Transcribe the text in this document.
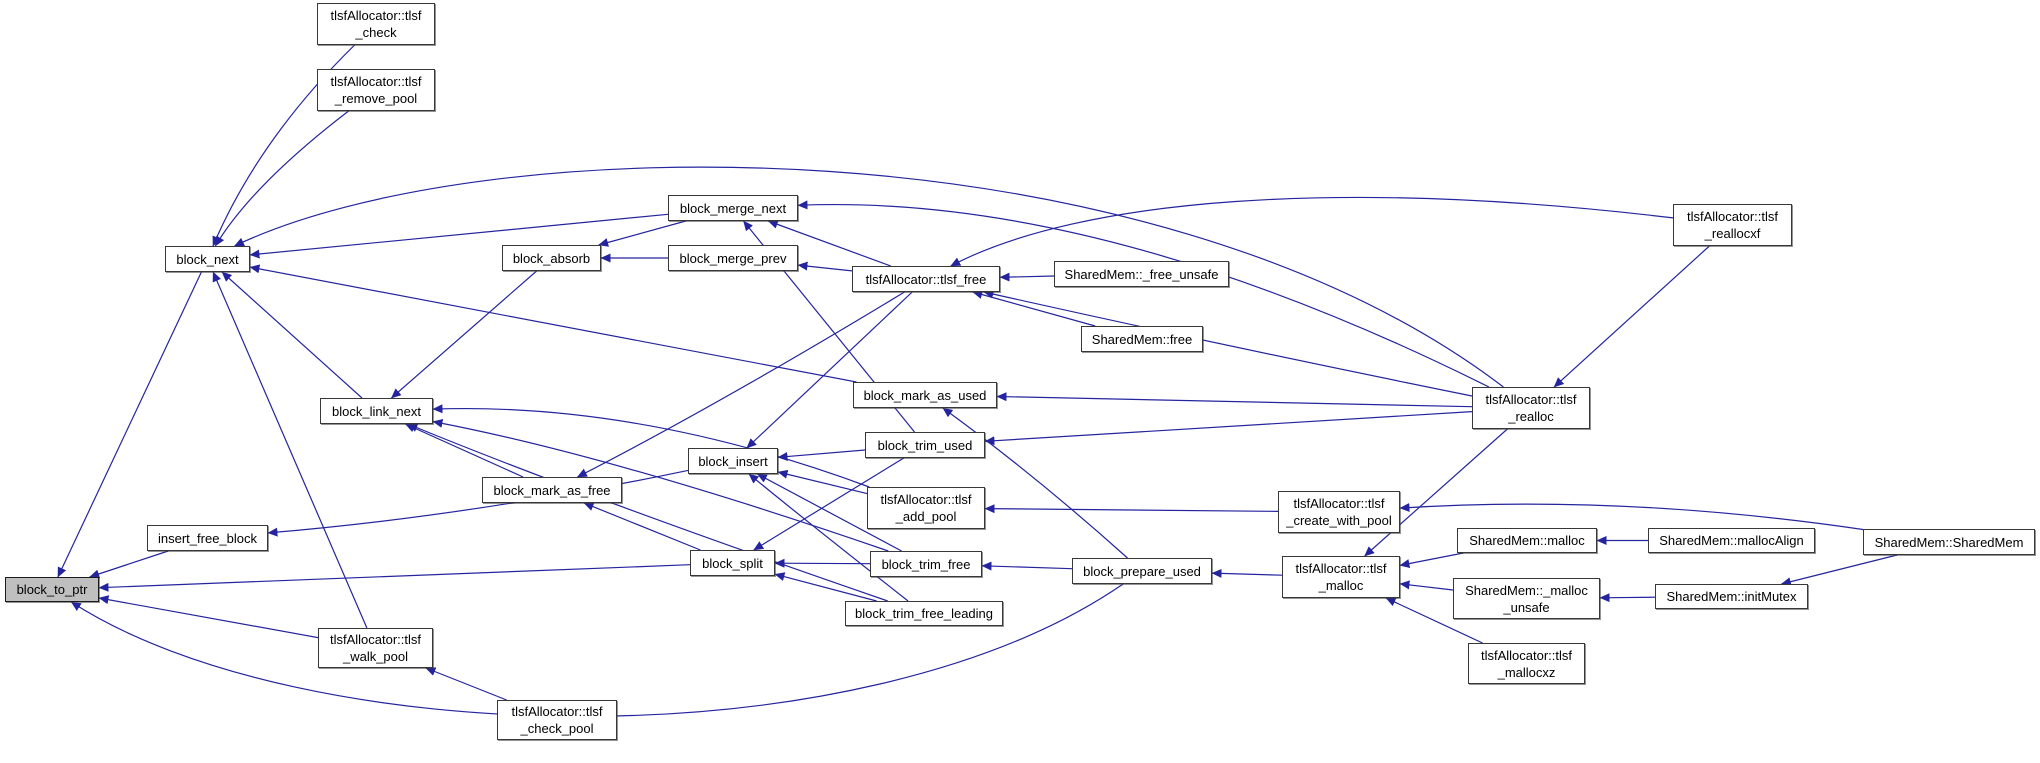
block_to_ptr
tlsfAllocator::tlsf
_check
tlsfAllocator::tlsf
_remove_pool
block_next	block_absorb
block_merge_next
block_merge_prev
tlsfAllocator::tlsf_free	SharedMem::_free_unsafe
SharedMem::free
tlsfAllocator::tlsf
_reallocxf
tlsfAllocator::tlsf
_realloc
block_mark_as_used
block_link_next
block_mark_as_free
insert_free_block
block_insert
block_trim_used
tlsfAllocator::tlsf
_add_pool
block_split	block_trim_free
block_trim_free_leading
block_prepare_used
tlsfAllocator::tlsf
_create_with_pool
tlsfAllocator::tlsf
_malloc
SharedMem::malloc	SharedMem::mallocAlign
SharedMem::_malloc
_unsafe
SharedMem::initMutex
tlsfAllocator::tlsf
_mallocxz
SharedMem::SharedMem
tlsfAllocator::tlsf
_walk_pool
tlsfAllocator::tlsf
_check_pool
